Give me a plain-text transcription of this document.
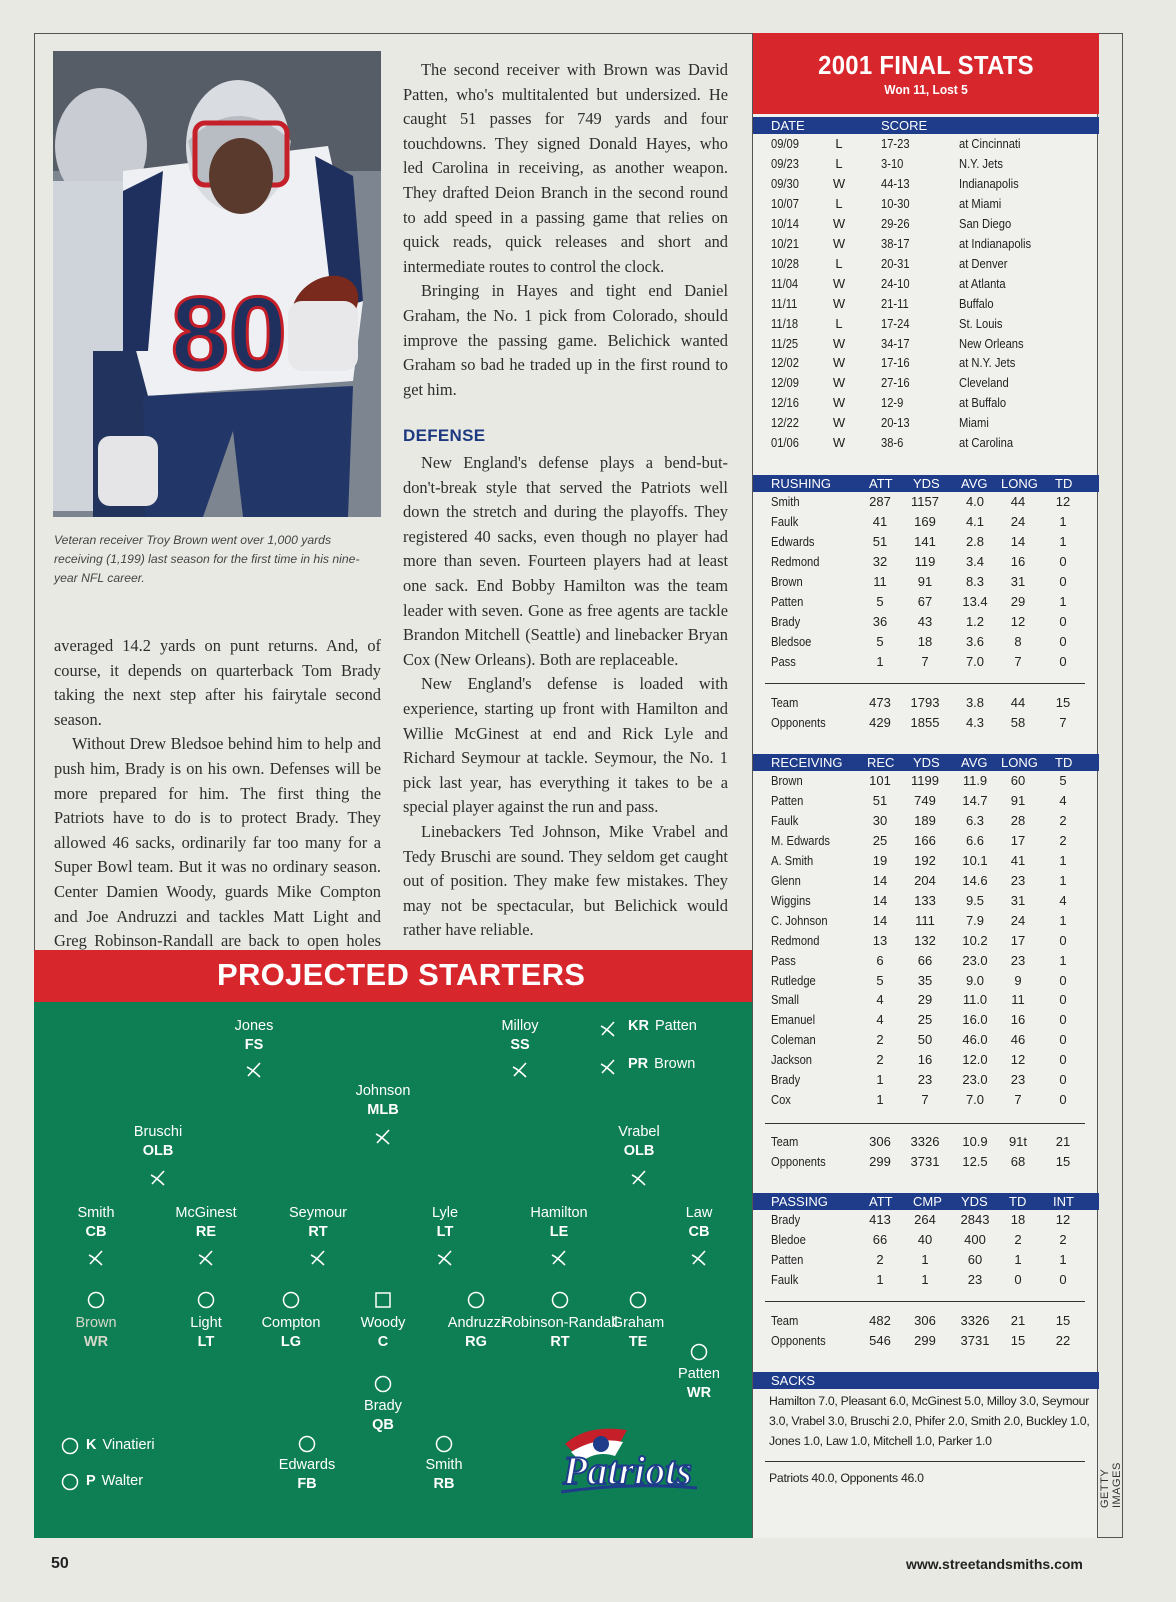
80
Veteran receiver Troy Brown went over 1,000 yards receiving (1,199) last season for the first time in his nine-year NFL career.

averaged 14.2 yards on punt returns. And, of course, it depends on quarterback Tom Brady taking the next step after his fairytale second season.

Without Drew Bledsoe behind him to help and push him, Brady is on his own. Defenses will be more prepared for him. The first thing the Patriots have to do is to protect Brady. They allowed 46 sacks, ordinarily far too many for a Super Bowl team. But it was no ordinary season. Center Damien Woody, guards Mike Compton and Joe Andruzzi and tackles Matt Light and Greg Robinson-Randall are back to open holes

The second receiver with Brown was David Patten, who's multitalented but undersized. He caught 51 passes for 749 yards and four touchdowns. They signed Donald Hayes, who led Carolina in receiving, as another weapon. They drafted Deion Branch in the second round to add speed in a passing game that relies on quick reads, quick releases and short and intermediate routes to control the clock.

Bringing in Hayes and tight end Daniel Graham, the No. 1 pick from Colorado, should improve the passing game. Belichick wanted Graham so bad he traded up in the first round to get him.

DEFENSE

New England's defense plays a bend-but-don't-break style that served the Patriots well down the stretch and during the playoffs. They registered 40 sacks, even though no player had more than seven. Fourteen players had at least one sack. End Bobby Hamilton was the team leader with seven. Gone as free agents are tackle Brandon Mitchell (Seattle) and linebacker Bryan Cox (New Orleans). Both are replaceable.

New England's defense is loaded with experience, starting up front with Hamilton and Willie McGinest at end and Rick Lyle and Richard Seymour at tackle. Seymour, the No. 1 pick last year, has everything it takes to be a special player against the run and pass.

Linebackers Ted Johnson, Mike Vrabel and Tedy Bruschi are sound. They seldom get caught out of position. They make few mistakes. They may not be spectacular, but Belichick would rather have reliable.

2001 FINAL STATS
Won 11, Lost 5
DATE	SCORE
RUSHING	ATT YDS AVG LONG TD
RECEIVING REC YDS AVG LONG TD
PASSING	ATT CMP YDS TD INT
SACKS
Hamilton 7.0, Pleasant 6.0, McGinest 5.0, Milloy 3.0, Seymour 3.0, Vrabel 3.0, Bruschi 2.0, Phifer 2.0, Smith 2.0, Buckley 1.0, Jones 1.0, Law 1.0, Mitchell 1.0, Parker 1.0
Patriots 40.0, Opponents 46.0
09/09	L	17-23	at Cincinnati
09/23	L	3-10	N.Y. Jets
09/30	W	44-13	Indianapolis
10/07	L	10-30	at Miami
10/14	W	29-26	San Diego
10/21	W	38-17	at Indianapolis
10/28	L	20-31	at Denver
11/04	W	24-10	at Atlanta
11/11	W	21-11	Buffalo
11/18	L	17-24	St. Louis
11/25	W	34-17	New Orleans
12/02	W	17-16	at N.Y. Jets
12/09	W	27-16	Cleveland
12/16	W	12-9	at Buffalo
12/22	W	20-13	Miami
01/06	W	38-6	at Carolina
Smith	287	1157	4.0	44	12
Faulk	41	169	4.1	24	1
Edwards	51	141	2.8	14	1
Redmond	32	119	3.4	16	0
Brown	11	91	8.3	31	0
Patten	5	67	13.4	29	1
Brady	36	43	1.2	12	0
Bledsoe	5	18	3.6	8	0
Pass	1	7	7.0	7	0
Team	473	1793	3.8	44	15
Opponents	429	1855	4.3	58	7
Brown	101	1199	11.9	60	5
Patten	51	749	14.7	91	4
Faulk	30	189	6.3	28	2
M. Edwards	25	166	6.6	17	2
A. Smith	19	192	10.1	41	1
Glenn	14	204	14.6	23	1
Wiggins	14	133	9.5	31	4
C. Johnson	14	111	7.9	24	1
Redmond	13	132	10.2	17	0
Pass	6	66	23.0	23	1
Rutledge	5	35	9.0	9	0
Small	4	29	11.0	11	0
Emanuel	4	25	16.0	16	0
Coleman	2	50	46.0	46	0
Jackson	2	16	12.0	12	0
Brady	1	23	23.0	23	0
Cox	1	7	7.0	7	0
Team	306	3326	10.9	91t	21
Opponents	299	3731	12.5	68	15
Brady	413	264	2843	18	12
Bledoe	66	40	400	2	2
Patten	2	1	60	1	1
Faulk	1	1	23	0	0
Team	482	306	3326	21	15
Opponents	546	299	3731	15	22
PROJECTED STARTERS
Patriots
Jones
FS
Milloy
SS
Johnson
MLB
Bruschi
OLB
Vrabel
OLB
Smith
CB
McGinest
RE
Seymour
RT
Lyle
LT
Hamilton
LE
Law
CB
Brown
WR
Light
LT
Compton
LG
Woody
C
Andruzzi
RG
Robinson-Randall
RT
Graham
TE
Patten
WR
Brady
QB
Edwards
FB
Smith
RB
KR Patten
PR Brown
K Vinatieri
P Walter
50	www.streetandsmiths.com
GETTY IMAGES
